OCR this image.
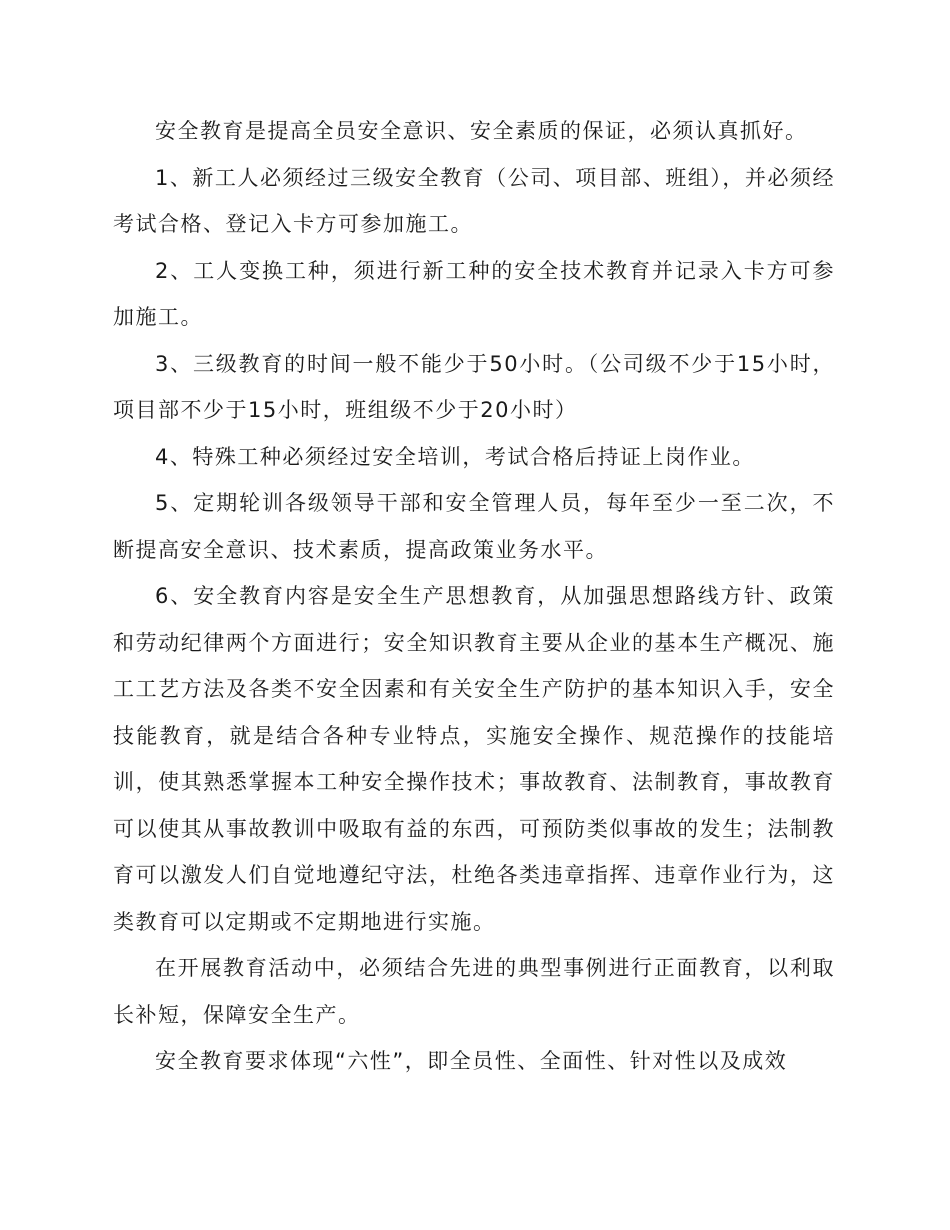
安全教育是提高全员安全意识、安全素质的保证，必须认真抓好。

1、新工人必须经过三级安全教育（公司、项目部、班组），并必须经考试合格、登记入卡方可参加施工。

2、工人变换工种，须进行新工种的安全技术教育并记录入卡方可参加施工。

3、三级教育的时间一般不能少于50小时。（公司级不少于15小时，项目部不少于15小时，班组级不少于20小时）

4、特殊工种必须经过安全培训，考试合格后持证上岗作业。

5、定期轮训各级领导干部和安全管理人员，每年至少一至二次，不断提高安全意识、技术素质，提高政策业务水平。

6、安全教育内容是安全生产思想教育，从加强思想路线方针、政策和劳动纪律两个方面进行；安全知识教育主要从企业的基本生产概况、施工工艺方法及各类不安全因素和有关安全生产防护的基本知识入手，安全技能教育，就是结合各种专业特点，实施安全操作、规范操作的技能培训，使其熟悉掌握本工种安全操作技术；事故教育、法制教育，事故教育可以使其从事故教训中吸取有益的东西，可预防类似事故的发生；法制教育可以激发人们自觉地遵纪守法，杜绝各类违章指挥、违章作业行为，这类教育可以定期或不定期地进行实施。

在开展教育活动中，必须结合先进的典型事例进行正面教育，以利取长补短，保障安全生产。

安全教育要求体现“六性”，即全员性、全面性、针对性以及成效
